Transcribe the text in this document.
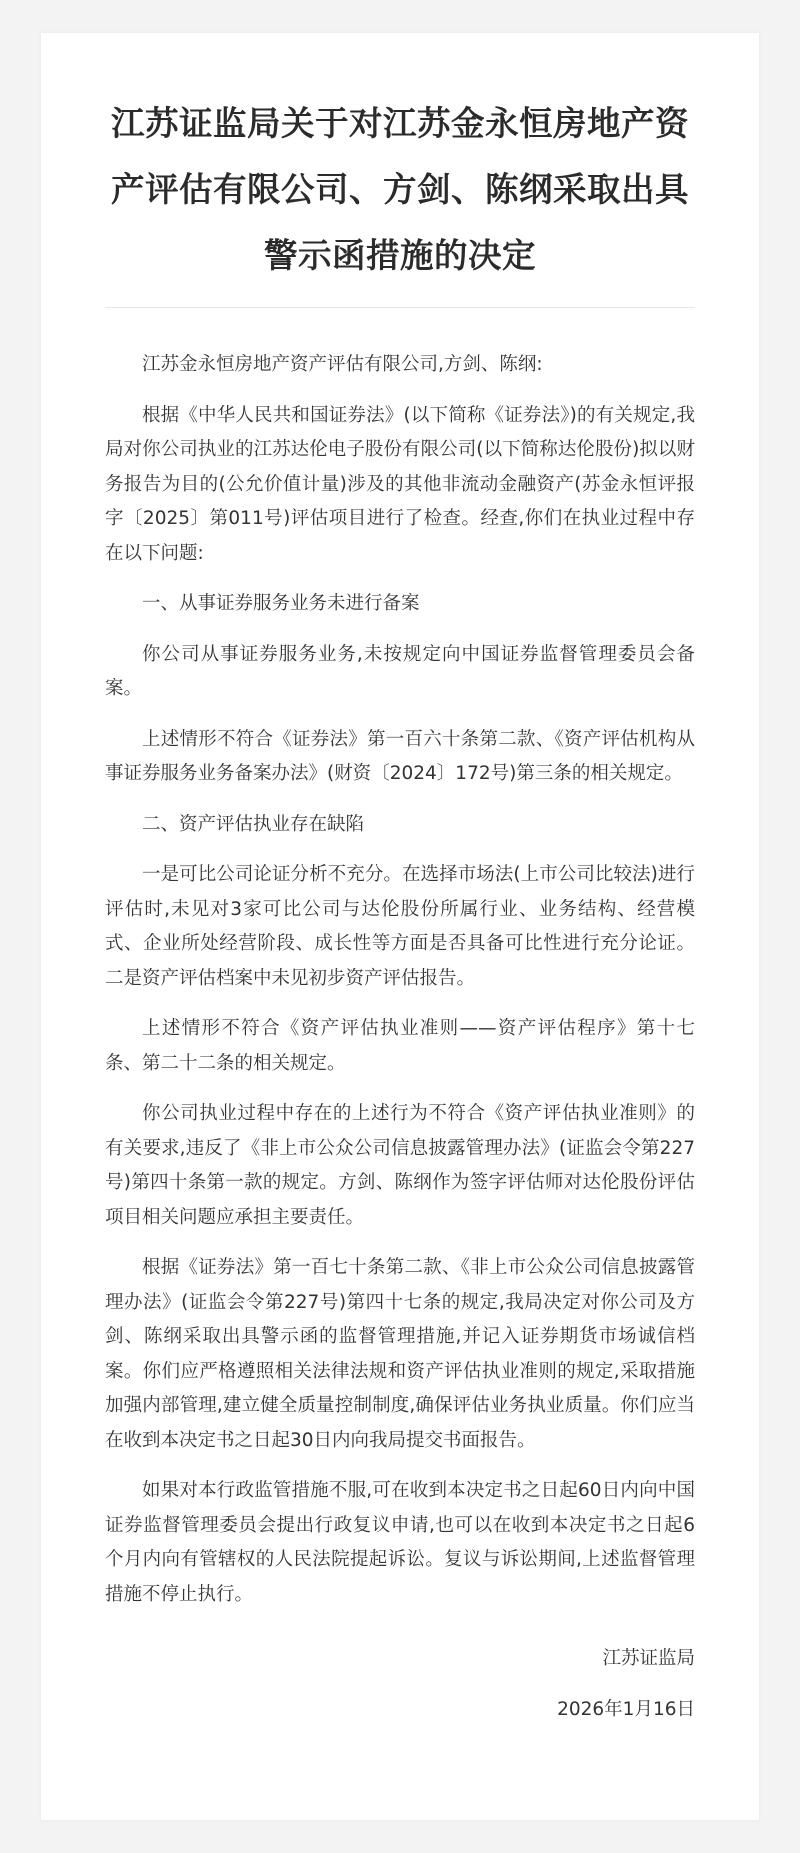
江苏证监局关于对江苏金永恒房地产资产评估有限公司、方剑、陈纲采取出具警示函措施的决定

江苏金永恒房地产资产评估有限公司,方剑、陈纲:

根据《中华人民共和国证券法》(以下简称《证券法》)的有关规定,我局对你公司执业的江苏达伦电子股份有限公司(以下简称达伦股份)拟以财务报告为目的(公允价值计量)涉及的其他非流动金融资产(苏金永恒评报字〔2025〕第011号)评估项目进行了检查。经查,你们在执业过程中存在以下问题:

一、从事证券服务业务未进行备案

你公司从事证券服务业务,未按规定向中国证券监督管理委员会备案。

上述情形不符合《证券法》第一百六十条第二款、《资产评估机构从事证券服务业务备案办法》(财资〔2024〕172号)第三条的相关规定。

二、资产评估执业存在缺陷

一是可比公司论证分析不充分。在选择市场法(上市公司比较法)进行评估时,未见对3家可比公司与达伦股份所属行业、业务结构、经营模式、企业所处经营阶段、成长性等方面是否具备可比性进行充分论证。二是资产评估档案中未见初步资产评估报告。

上述情形不符合《资产评估执业准则——资产评估程序》第十七条、第二十二条的相关规定。

你公司执业过程中存在的上述行为不符合《资产评估执业准则》的有关要求,违反了《非上市公众公司信息披露管理办法》(证监会令第227号)第四十条第一款的规定。方剑、陈纲作为签字评估师对达伦股份评估项目相关问题应承担主要责任。

根据《证券法》第一百七十条第二款、《非上市公众公司信息披露管理办法》(证监会令第227号)第四十七条的规定,我局决定对你公司及方剑、陈纲采取出具警示函的监督管理措施,并记入证券期货市场诚信档案。你们应严格遵照相关法律法规和资产评估执业准则的规定,采取措施加强内部管理,建立健全质量控制制度,确保评估业务执业质量。你们应当在收到本决定书之日起30日内向我局提交书面报告。

如果对本行政监管措施不服,可在收到本决定书之日起60日内向中国证券监督管理委员会提出行政复议申请,也可以在收到本决定书之日起6个月内向有管辖权的人民法院提起诉讼。复议与诉讼期间,上述监督管理措施不停止执行。

江苏证监局

2026年1月16日
